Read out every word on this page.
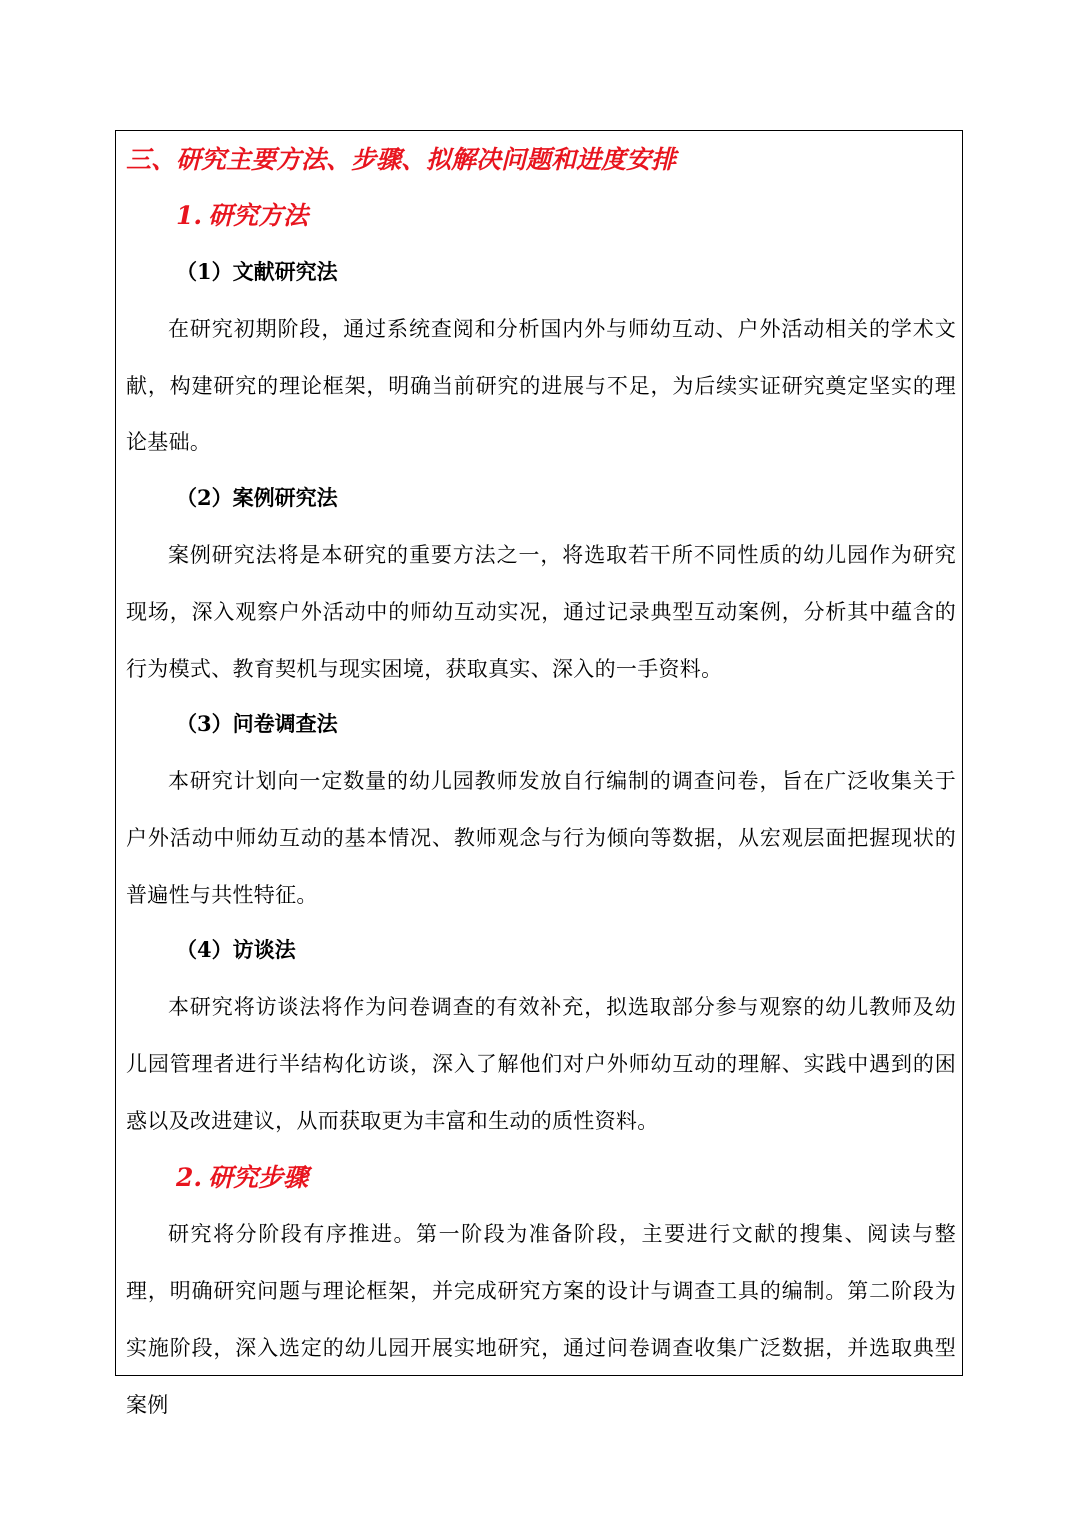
三、研究主要方法、步骤、拟解决问题和进度安排
1. 研究方法
（1）文献研究法

在研究初期阶段，通过系统查阅和分析国内外与师幼互动、户外活动相关的学术文献，构建研究的理论框架，明确当前研究的进展与不足，为后续实证研究奠定坚实的理论基础。

（2）案例研究法

案例研究法将是本研究的重要方法之一，将选取若干所不同性质的幼儿园作为研究现场，深入观察户外活动中的师幼互动实况，通过记录典型互动案例，分析其中蕴含的行为模式、教育契机与现实困境，获取真实、深入的一手资料。

（3）问卷调查法

本研究计划向一定数量的幼儿园教师发放自行编制的调查问卷，旨在广泛收集关于户外活动中师幼互动的基本情况、教师观念与行为倾向等数据，从宏观层面把握现状的普遍性与共性特征。

（4）访谈法

本研究将访谈法将作为问卷调查的有效补充，拟选取部分参与观察的幼儿教师及幼儿园管理者进行半结构化访谈，深入了解他们对户外师幼互动的理解、实践中遇到的困惑以及改进建议，从而获取更为丰富和生动的质性资料。

2. 研究步骤

研究将分阶段有序推进。第一阶段为准备阶段，主要进行文献的搜集、阅读与整理，明确研究问题与理论框架，并完成研究方案的设计与调查工具的编制。第二阶段为实施阶段，深入选定的幼儿园开展实地研究，通过问卷调查收集广泛数据，并选取典型案例
